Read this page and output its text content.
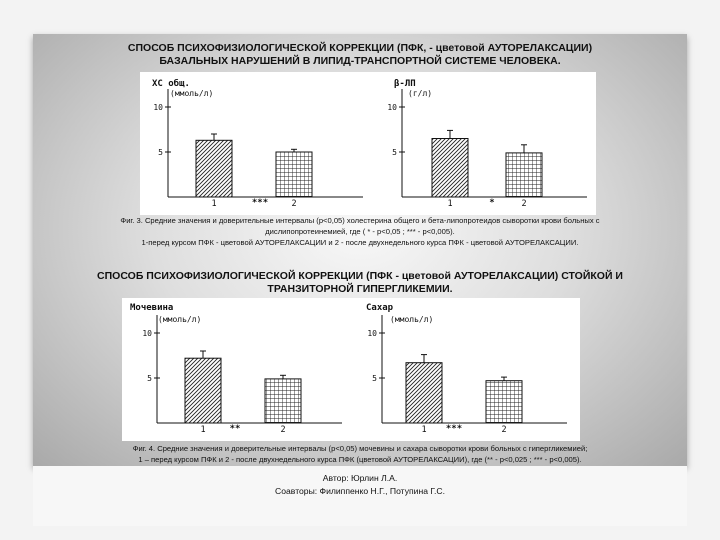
СПОСОБ ПСИХОФИЗИОЛОГИЧЕСКОЙ КОРРЕКЦИИ (ПФК, - цветовой АУТОРЕЛАКСАЦИИ)
БАЗАЛЬНЫХ НАРУШЕНИЙ В ЛИПИД-ТРАНСПОРТНОЙ СИСТЕМЕ ЧЕЛОВЕКА.
10
5
ХС общ.
(ммоль/л)
1	2
***
10
5
β-ЛП
(г/л)
1	2
*
Фиг. 3. Средние значения и доверительные интервалы (p<0,05) холестерина общего и бета-липопротеидов сыворотки крови больных с
дислипопротеинемией, где ( * - p<0,05 ; *** - p<0,005).
1-перед курсом ПФК - цветовой АУТОРЕЛАКСАЦИИ и 2 - после двухнедельного курса ПФК - цветовой АУТОРЕЛАКСАЦИИ.
СПОСОБ ПСИХОФИЗИОЛОГИЧЕСКОЙ КОРРЕКЦИИ (ПФК - цветовой АУТОРЕЛАКСАЦИИ) СТОЙКОЙ И
ТРАНЗИТОРНОЙ ГИПЕРГЛИКЕМИИ.
10
5
Мочевина
(ммоль/л)
1	2
**
10
5
Сахар
(ммоль/л)
1	2
***
Фиг. 4. Средние значения и доверительные интервалы (p<0,05) мочевины и сахара сыворотки крови больных с гипергликемией;
1 – перед курсом ПФК и 2 - после двухнедельного курса ПФК (цветовой АУТОРЕЛАКСАЦИИ), где (** - p<0,025 ; *** - p<0,005).
Автор: Юрлин Л.А.
Соавторы: Филиппенко Н.Г., Потупина Г.С.
